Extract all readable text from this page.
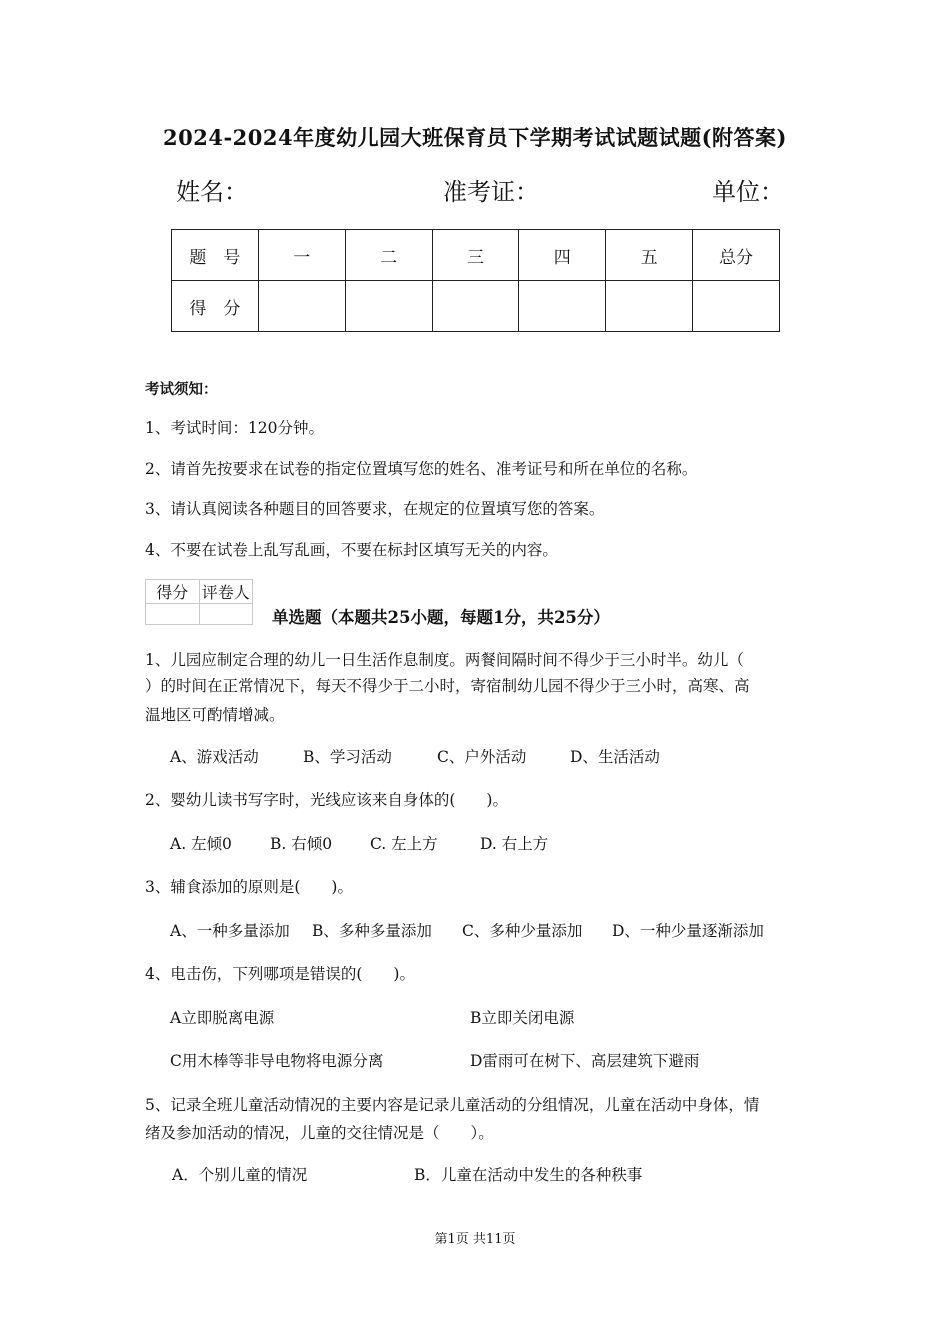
2024-2024年度幼儿园大班保育员下学期考试试题试题(附答案)
姓名：	准考证：	单位：
题　号	一	二	三	四	五	总分
得　分						
考试须知：
1、考试时间：120分钟。
2、请首先按要求在试卷的指定位置填写您的姓名、准考证号和所在单位的名称。
3、请认真阅读各种题目的回答要求，在规定的位置填写您的答案。
4、不要在试卷上乱写乱画，不要在标封区填写无关的内容。
得分	评卷人

单选题（本题共25小题，每题1分，共25分）
1、儿园应制定合理的幼儿一日生活作息制度。两餐间隔时间不得少于三小时半。幼儿（
）的时间在正常情况下，每天不得少于二小时，寄宿制幼儿园不得少于三小时，高寒、高
温地区可酌情增减。
A、游戏活动	B、学习活动	C、户外活动	D、生活活动
2、婴幼儿读书写字时，光线应该来自身体的(　　)。
A. 左倾0 B. 右倾0 C. 左上方	D. 右上方
3、辅食添加的原则是(　　)。
A、一种多量添加 B、多种多量添加 C、多种少量添加 D、一种少量逐渐添加
4、电击伤，下列哪项是错误的(　　)。
A立即脱离电源	B立即关闭电源
C用木棒等非导电物将电源分离	D雷雨可在树下、高层建筑下避雨
5、记录全班儿童活动情况的主要内容是记录儿童活动的分组情况，儿童在活动中身体，情
绪及参加活动的情况，儿童的交往情况是（　　）。
A．个别儿童的情况	B．儿童在活动中发生的各种秩事
第1页 共11页
